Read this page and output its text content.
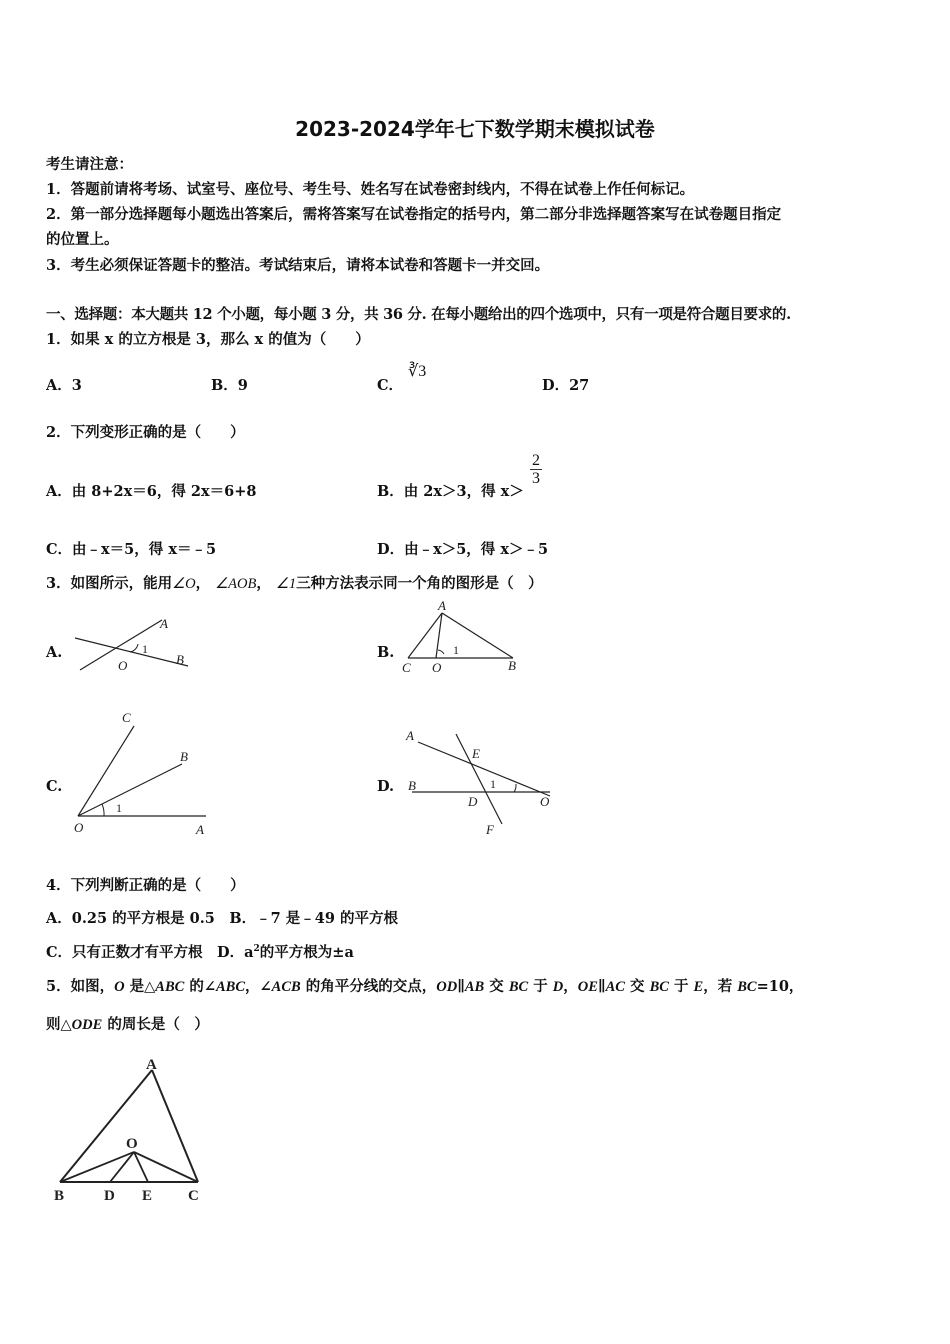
2023-2024学年七下数学期末模拟试卷
考生请注意：
1．答题前请将考场、试室号、座位号、考生号、姓名写在试卷密封线内，不得在试卷上作任何标记。
2．第一部分选择题每小题选出答案后，需将答案写在试卷指定的括号内，第二部分非选择题答案写在试卷题目指定
的位置上。
3．考生必须保证答题卡的整洁。考试结束后，请将本试卷和答题卡一并交回。
一、选择题：本大题共 12 个小题，每小题 3 分，共 36 分. 在每小题给出的四个选项中，只有一项是符合题目要求的.
1．如果 x 的立方根是 3，那么 x 的值为（　　）
A．3	B．9	C．
∛3
D．27
2．下列变形正确的是（　　）
A．由 8+2x＝6，得 2x＝6+8	B．由 2x＞3，得 x＞
$\frac{2}{3}$
C．由﹣x＝5，得 x＝﹣5	D．由﹣x＞5，得 x＞﹣5
3．如图所示，能用∠O， ∠AOB， ∠1三种方法表示同一个角的图形是（　）
A.
A
O	B
1	B.
A
C O	B
1
C.
C
B
O	A
1
D.
A
E
B	1
D	O
F
4．下列判断正确的是（　　）
A．0.25 的平方根是 0.5　B．﹣7 是﹣49 的平方根
C．只有正数才有平方根　 D．$a^2$的平方根为±a
5．如图，O 是△ABC 的∠ABC，∠ACB 的角平分线的交点，OD∥AB 交 BC 于 D，OE∥AC 交 BC 于 E，若 BC=10，
则△ODE 的周长是（　）
A
O
B	D E C
